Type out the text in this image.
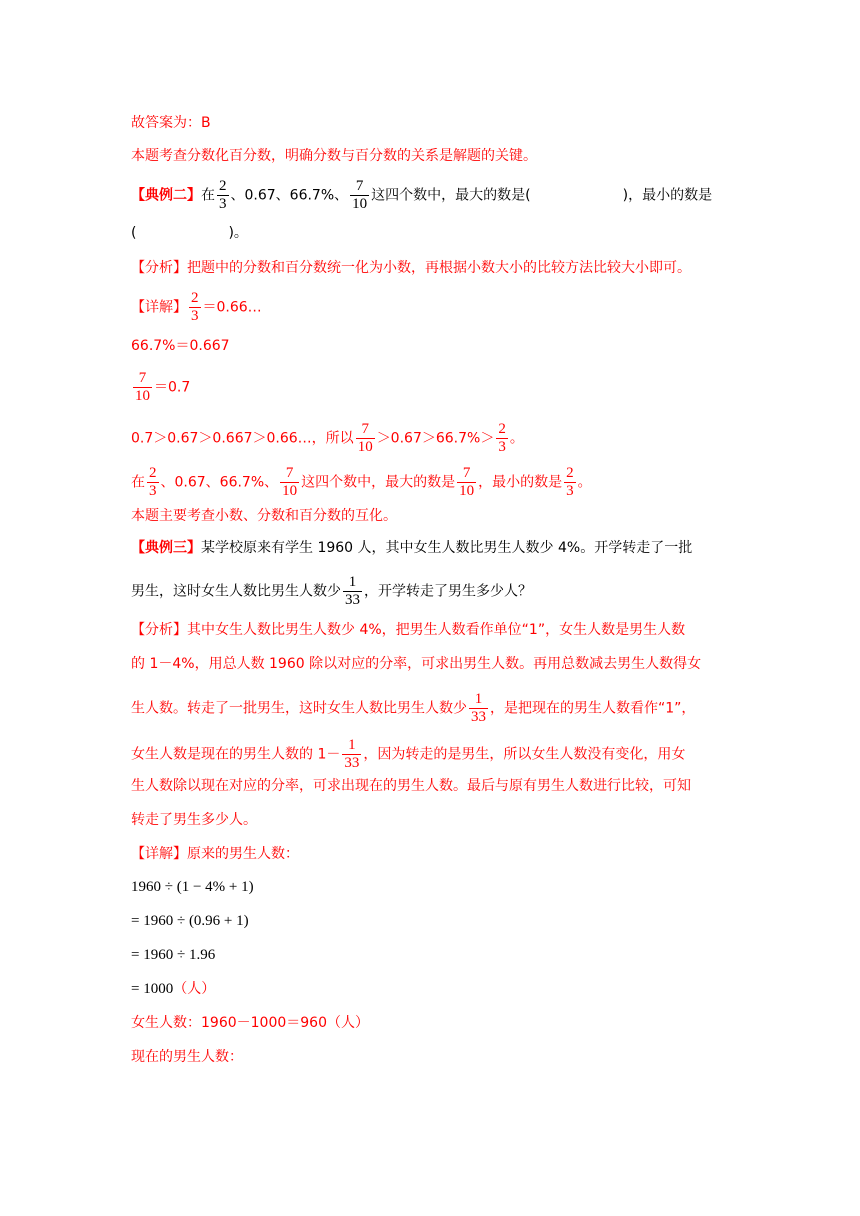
故答案为：B
本题考查分数化百分数，明确分数与百分数的关系是解题的关键。
【典例二】在 $\frac{2}{3}$ 、0.67、66.7%、 $\frac{7}{10}$ 这四个数中，最大的数是(	)，最小的数是
(	)。
【分析】把题中的分数和百分数统一化为小数，再根据小数大小的比较方法比较大小即可。
【详解】 $\frac{2}{3}$ ＝0.66…
66.7%＝0.667
$\frac{7}{10} =0.7$
0.7＞0.67＞0.667＞0.66…，所以 $\frac{7}{10} >0.67>66.7\%> \frac{2}{3}$ 。
在 $\frac{2}{3}$ 、0.67、66.7%、 $\frac{7}{10}$ 这四个数中，最大的数是 $\frac{7}{10}$ ，最小的数是 $\frac{2}{3}$ 。
本题主要考查小数、分数和百分数的互化。
【典例三】某学校原来有学生 1960 人，其中女生人数比男生人数少 4%。开学转走了一批
男生，这时女生人数比男生人数少 $\frac{1}{33}$ ，开学转走了男生多少人？
【分析】其中女生人数比男生人数少 4%，把男生人数看作单位“1”，女生人数是男生人数
的 1－4%，用总人数 1960 除以对应的分率，可求出男生人数。再用总数减去男生人数得女
生人数。转走了一批男生，这时女生人数比男生人数少 $\frac{1}{33}$ ，是把现在的男生人数看作“1”，
女生人数是现在的男生人数的 $1- \frac{1}{33}$ ，因为转走的是男生，所以女生人数没有变化，用女
生人数除以现在对应的分率，可求出现在的男生人数。最后与原有男生人数进行比较，可知
转走了男生多少人。
【详解】原来的男生人数：
1960 ÷ (1 − 4% + 1)
= 1960 ÷ (0.96 + 1)
= 1960 ÷ 1.96
= 1000（人）
女生人数：1960－1000＝960（人）
现在的男生人数：
